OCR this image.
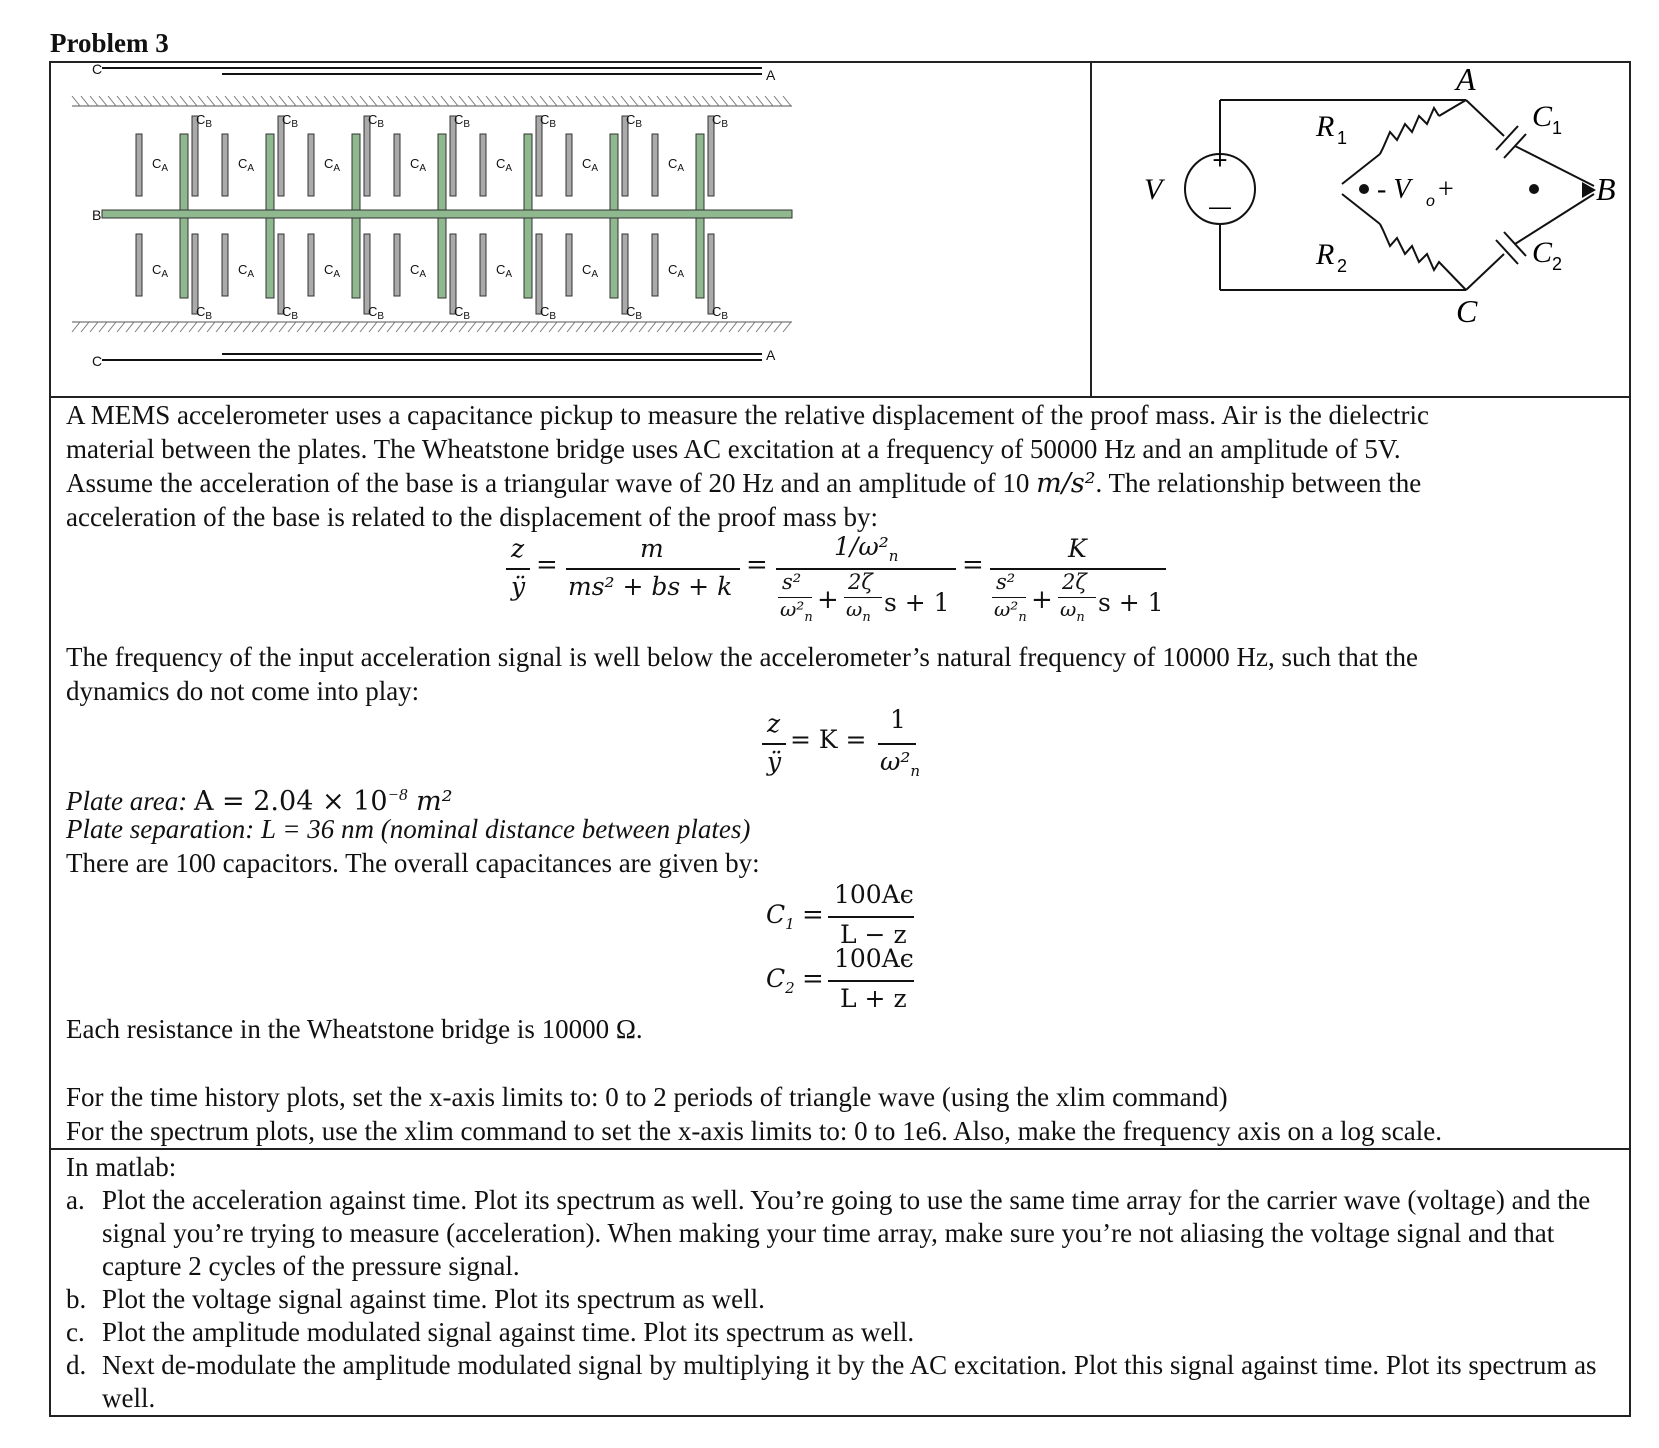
Problem 3
C
C
A
A
B
$C_A$
$C_A$
$C_B$
$C_B$
$C_A$
$C_A$
$C_B$
$C_B$
$C_A$
$C_A$
$C_B$
$C_B$
$C_A$
$C_A$
$C_B$
$C_B$
$C_A$
$C_A$
$C_B$
$C_B$
$C_A$
$C_A$
$C_B$
$C_B$
$C_A$
$C_A$
$C_B$
$C_B$
+
—
V
R 1
R 2
C 1
C 2
A
B
C
- V o +
A MEMS accelerometer uses a capacitance pickup to measure the relative displacement of the proof mass. Air is the dielectric
material between the plates. The Wheatstone bridge uses AC excitation at a frequency of 50000 Hz and an amplitude of 5V.
Assume the acceleration of the base is a triangular wave of 20 Hz and an amplitude of 10 m/s². The relationship between the
acceleration of the base is related to the displacement of the proof mass by:
z
ÿ
=
m
ms² + bs + k
=
$1/\omega^2_n$
s²
$\omega^2_n$
+
2ζ
$\omega_n$
s + 1
=
K
s²
$\omega^2_n$
+
2ζ
$\omega_n$
s + 1
The frequency of the input acceleration signal is well below the accelerometer’s natural frequency of 10000 Hz, such that the
dynamics do not come into play:
z
ÿ
= K =
1
$\omega^2_n$
Plate area: $A = 2.04 \times 10^{-8}$ m²
Plate separation: L = 36 nm (nominal distance between plates)
There are 100 capacitors. The overall capacitances are given by:
100Aϵ
L − z
$C_1$ =
100Aϵ
L + z
$C_2$ =
Each resistance in the Wheatstone bridge is 10000 Ω.
For the time history plots, set the x-axis limits to: 0 to 2 periods of triangle wave (using the xlim command)
For the spectrum plots, use the xlim command to set the x-axis limits to: 0 to 1e6. Also, make the frequency axis on a log scale.
In matlab:
a. Plot the acceleration against time. Plot its spectrum as well. You’re going to use the same time array for the carrier wave (voltage) and the signal you’re trying to measure (acceleration). When making your time array, make sure you’re not aliasing the voltage signal and that capture 2 cycles of the pressure signal.
b. Plot the voltage signal against time. Plot its spectrum as well.
c. Plot the amplitude modulated signal against time. Plot its spectrum as well.
d. Next de-modulate the amplitude modulated signal by multiplying it by the AC excitation. Plot this signal against time. Plot its spectrum as well.
